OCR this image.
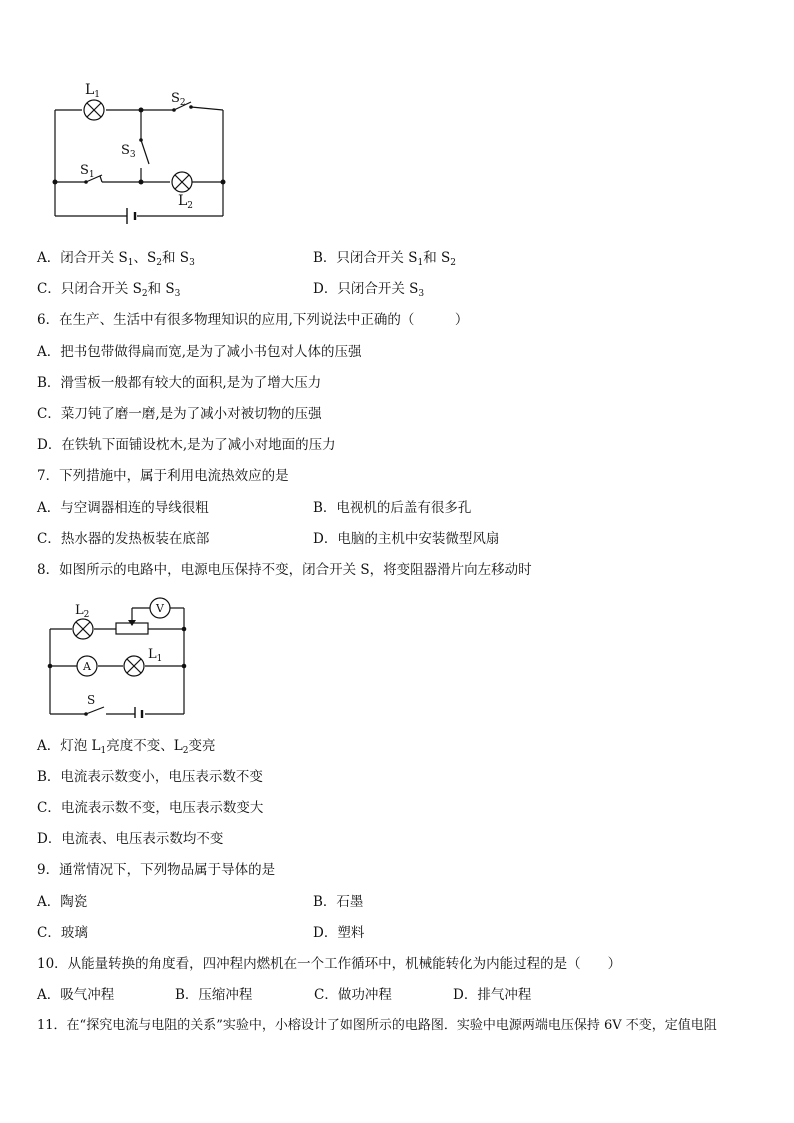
$L_1$	$S_2$
$S_3$
$S_1$
$L_2$
A．闭合开关 $S_1$、$S_2$和 $S_3$	B．只闭合开关 $S_1$和 $S_2$
C．只闭合开关 $S_2$和 $S_3$	D．只闭合开关 $S_3$
6．在生产、生活中有很多物理知识的应用,下列说法中正确的（　　　）
A．把书包带做得扁而宽,是为了减小书包对人体的压强
B．滑雪板一般都有较大的面积,是为了增大压力
C．菜刀钝了磨一磨,是为了减小对被切物的压强
D．在铁轨下面铺设枕木,是为了减小对地面的压力
7．下列措施中，属于利用电流热效应的是
A．与空调器相连的导线很粗	B．电视机的后盖有很多孔
C．热水器的发热板装在底部	D．电脑的主机中安装微型风扇
8．如图所示的电路中，电源电压保持不变，闭合开关 S，将变阻器滑片向左移动时
V
A
$L_2$
$L_1$
S
A．灯泡 $L_1$亮度不变、$L_2$变亮
B．电流表示数变小，电压表示数不变
C．电流表示数不变，电压表示数变大
D．电流表、电压表示数均不变
9．通常情况下，下列物品属于导体的是
A．陶瓷	B．石墨
C．玻璃	D．塑料
10．从能量转换的角度看，四冲程内燃机在一个工作循环中，机械能转化为内能过程的是（　　）
A．吸气冲程	B．压缩冲程	C．做功冲程	D．排气冲程
11．在“探究电流与电阻的关系”实验中，小榕设计了如图所示的电路图．实验中电源两端电压保持 6V 不变，定值电阻
